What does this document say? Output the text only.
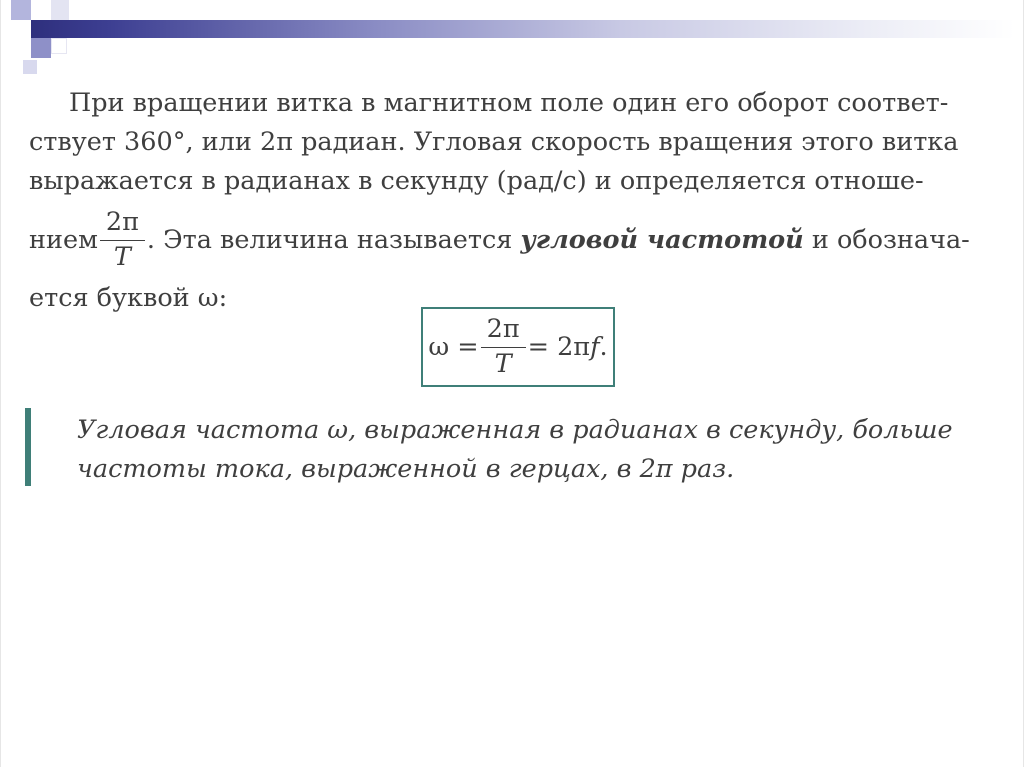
При вращении витка в магнитном поле один его оборот соответ-
ствует 360°, или 2π радиан. Угловая скорость вращения этого витка
выражается в радианах в секунду (рад/с) и определяется отноше-
нием $\frac{2\pi}{T}$ . Эта величина называется
угловой частотой
и обознача-
ется буквой ω:
$\omega = \frac{2\pi}{T} = 2\pi$ f .
Угловая частота ω, выраженная в радианах в секунду, больше
частоты тока, выраженной в герцах, в 2π раз.
